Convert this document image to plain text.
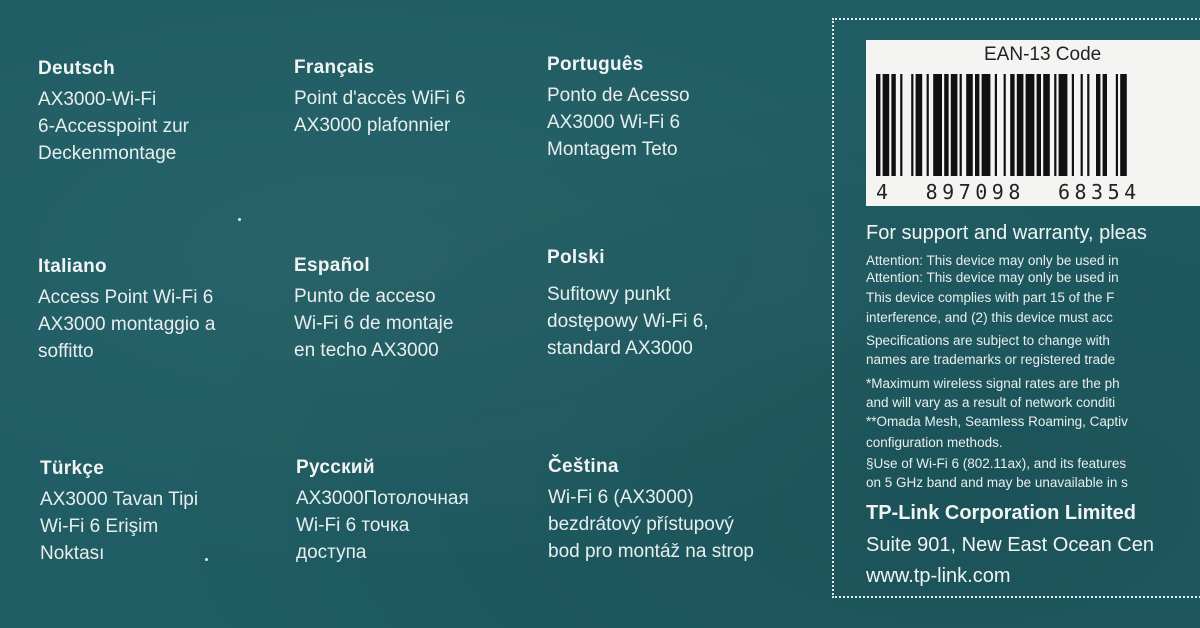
Deutsch
AX3000-Wi-Fi
6-Accesspoint zur
Deckenmontage
Français
Point d'accès WiFi 6
AX3000 plafonnier
Português
Ponto de Acesso
AX3000 Wi-Fi 6
Montagem Teto
Italiano
Access Point Wi-Fi 6
AX3000 montaggio a
soffitto
Español
Punto de acceso
Wi-Fi 6 de montaje
en techo AX3000
Polski
Sufitowy punkt
dostępowy Wi-Fi 6,
standard AX3000
Türkçe
AX3000 Tavan Tipi
Wi-Fi 6 Erişim
Noktası
Русский
AX3000Потолочная
Wi-Fi 6 точка
доступа
Čeština
Wi-Fi 6 (AX3000)
bezdrátový přístupový
bod pro montáž na strop
EAN-13 Code
4  897098  68354
For support and warranty, pleas
Attention: This device may only be used in
Attention: This device may only be used in
This device complies with part 15 of the F
interference, and (2) this device must acc
Specifications are subject to change with
names are trademarks or registered trade
*Maximum wireless signal rates are the ph
and will vary as a result of network conditi
**Omada Mesh, Seamless Roaming, Captiv
configuration methods.
§Use of Wi-Fi 6 (802.11ax), and its features
on 5 GHz band and may be unavailable in s
TP-Link Corporation Limited
Suite 901, New East Ocean Cen
www.tp-link.com
